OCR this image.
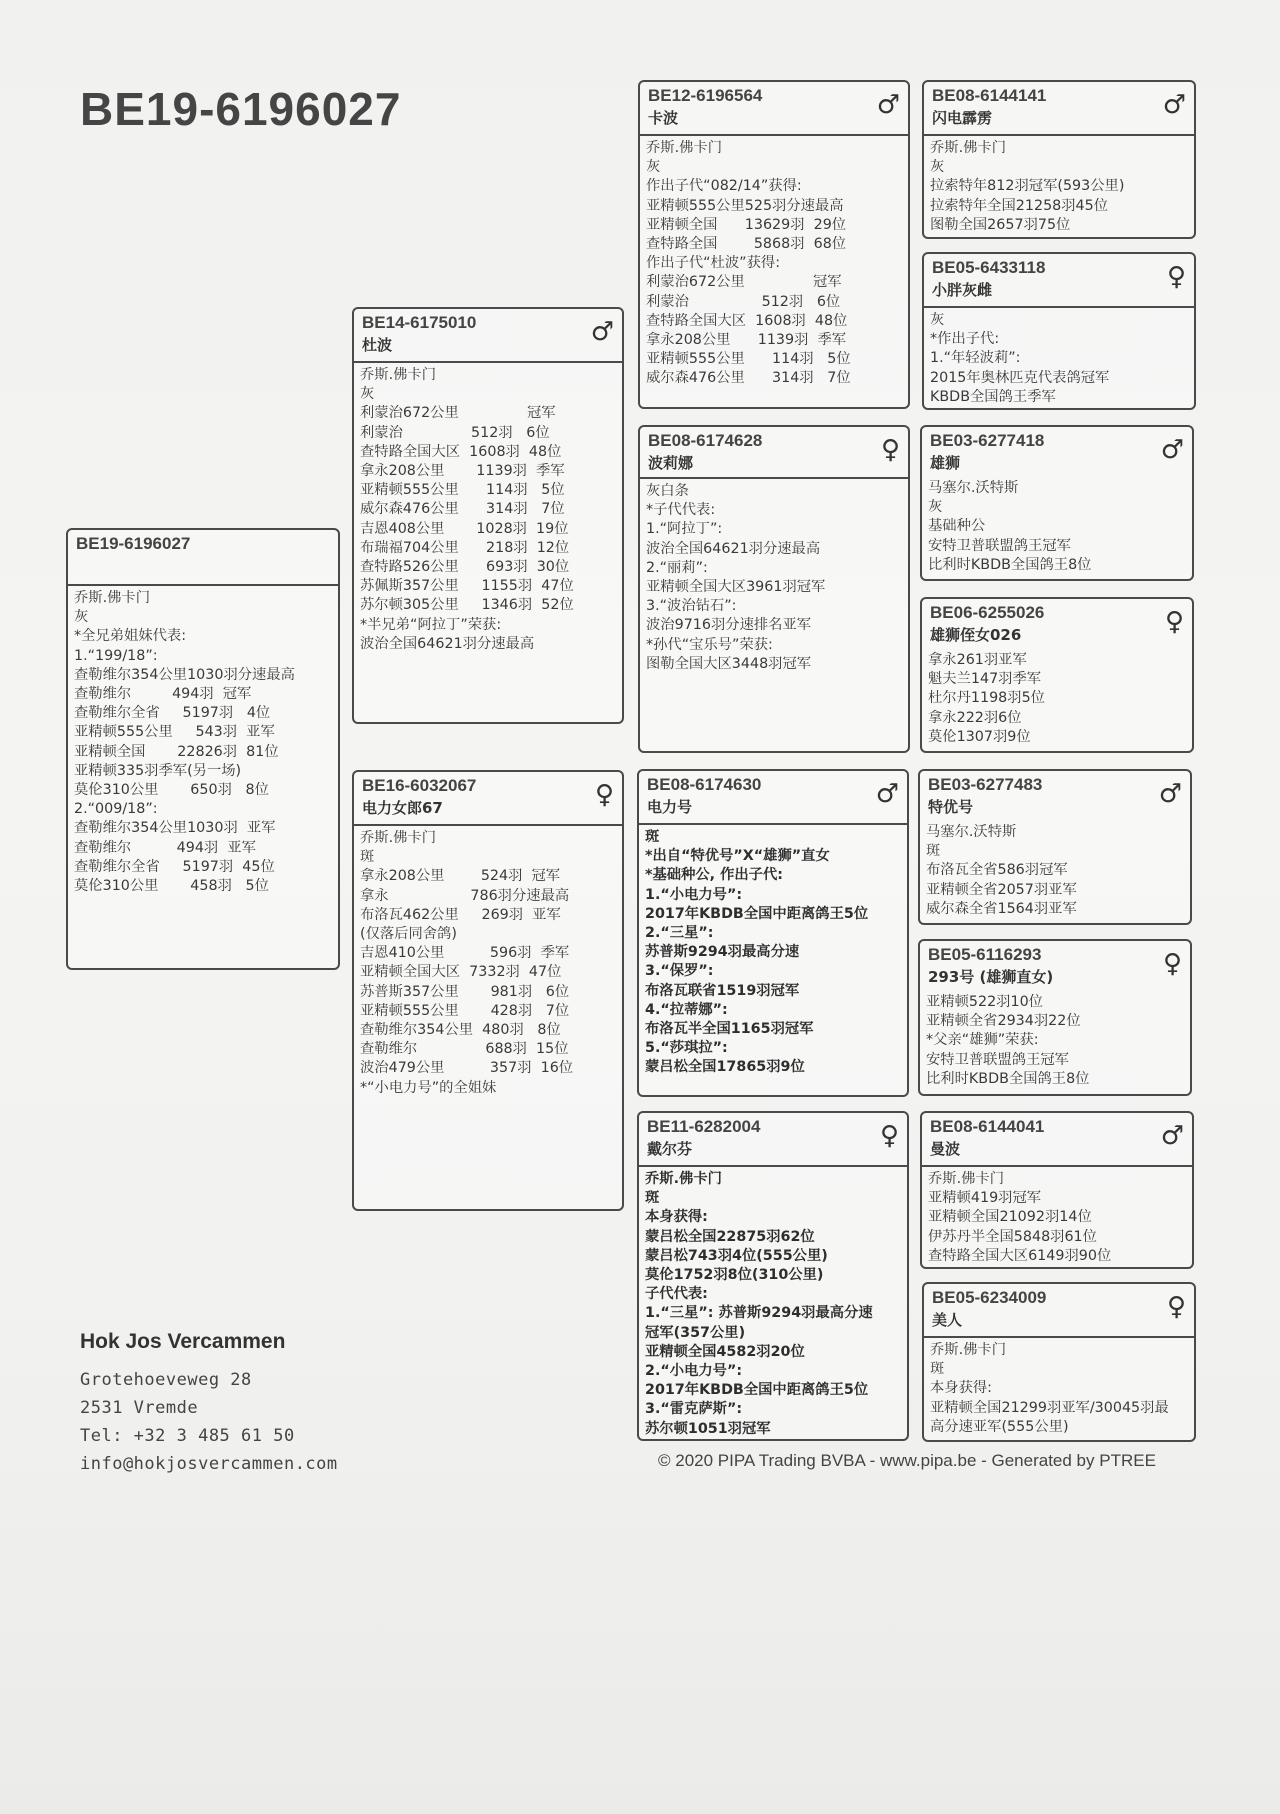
BE19-6196027
BE19-6196027
乔斯.佛卡门
灰
*全兄弟姐妹代表:
1.“199/18”:
查勒维尔354公里1030羽分速最高
查勒维尔         494羽  冠军
查勒维尔全省     5197羽   4位
亚精顿555公里     543羽  亚军
亚精顿全国       22826羽  81位
亚精顿335羽季军(另一场)
莫伦310公里       650羽   8位
2.“009/18”:
查勒维尔354公里1030羽  亚军
查勒维尔          494羽  亚军
查勒维尔全省     5197羽  45位
莫伦310公里       458羽   5位
BE14-6175010
杜波	♂
乔斯.佛卡门
灰
利蒙治672公里               冠军
利蒙治               512羽   6位
查特路全国大区  1608羽  48位
拿永208公里       1139羽  季军
亚精顿555公里      114羽   5位
威尔森476公里      314羽   7位
吉恩408公里       1028羽  19位
布瑞福704公里      218羽  12位
查特路526公里      693羽  30位
苏佩斯357公里     1155羽  47位
苏尔顿305公里     1346羽  52位
*半兄弟“阿拉丁”荣获:
波治全国64621羽分速最高
BE16-6032067
电力女郎67	♀
乔斯.佛卡门
斑
拿永208公里        524羽  冠军
拿永                  786羽分速最高
布洛瓦462公里     269羽  亚军
(仅落后同舍鸽)
吉恩410公里          596羽  季军
亚精顿全国大区  7332羽  47位
苏普斯357公里       981羽   6位
亚精顿555公里       428羽   7位
查勒维尔354公里  480羽   8位
查勒维尔               688羽  15位
波治479公里          357羽  16位
*“小电力号”的全姐妹
BE12-6196564
卡波	♂
乔斯.佛卡门
灰
作出子代“082/14”获得:
亚精顿555公里525羽分速最高
亚精顿全国      13629羽  29位
查特路全国        5868羽  68位
作出子代“杜波”获得:
利蒙治672公里               冠军
利蒙治                512羽   6位
查特路全国大区  1608羽  48位
拿永208公里      1139羽  季军
亚精顿555公里      114羽   5位
威尔森476公里      314羽   7位
BE08-6174628
波莉娜	♀
灰白条
*子代代表:
1.“阿拉丁”:
波治全国64621羽分速最高
2.“丽莉”:
亚精顿全国大区3961羽冠军
3.“波治钻石”:
波治9716羽分速排名亚军
*孙代“宝乐号”荣获:
图勒全国大区3448羽冠军
BE08-6174630
电力号	♂
斑
*出自“特优号”X“雄狮”直女
*基础种公, 作出子代:
1.“小电力号”:
2017年KBDB全国中距离鸽王5位
2.“三星”:
苏普斯9294羽最高分速
3.“保罗”:
布洛瓦联省1519羽冠军
4.“拉蒂娜”:
布洛瓦半全国1165羽冠军
5.“莎琪拉”:
蒙吕松全国17865羽9位
BE11-6282004
戴尔芬	♀
乔斯.佛卡门
斑
本身获得:
蒙吕松全国22875羽62位
蒙吕松743羽4位(555公里)
莫伦1752羽8位(310公里)
子代代表:
1.“三星”: 苏普斯9294羽最高分速
冠军(357公里)
亚精顿全国4582羽20位
2.“小电力号”:
2017年KBDB全国中距离鸽王5位
3.“雷克萨斯”:
苏尔顿1051羽冠军
BE08-6144141
闪电霹雳	♂
乔斯.佛卡门
灰
拉索特年812羽冠军(593公里)
拉索特年全国21258羽45位
图勒全国2657羽75位
BE05-6433118
小胖灰雌	♀
灰
*作出子代:
1.“年轻波莉”:
2015年奥林匹克代表鸽冠军
KBDB全国鸽王季军
BE03-6277418
雄狮	♂
马塞尔.沃特斯
灰
基础种公
安特卫普联盟鸽王冠军
比利时KBDB全国鸽王8位
BE06-6255026
雄狮侄女026	♀
拿永261羽亚军
魁夫兰147羽季军
杜尔丹1198羽5位
拿永222羽6位
莫伦1307羽9位
BE03-6277483
特优号	♂
马塞尔.沃特斯
斑
布洛瓦全省586羽冠军
亚精顿全省2057羽亚军
威尔森全省1564羽亚军
BE05-6116293
293号 (雄狮直女)	♀
亚精顿522羽10位
亚精顿全省2934羽22位
*父亲“雄狮”荣获:
安特卫普联盟鸽王冠军
比利时KBDB全国鸽王8位
BE08-6144041
曼波	♂
乔斯.佛卡门
亚精顿419羽冠军
亚精顿全国21092羽14位
伊苏丹半全国5848羽61位
查特路全国大区6149羽90位
BE05-6234009
美人	♀
乔斯.佛卡门
斑
本身获得:
亚精顿全国21299羽亚军/30045羽最
高分速亚军(555公里)
Hok Jos Vercammen
Grotehoeveweg 28
2531 Vremde
Tel: +32 3 485 61 50
info@hokjosvercammen.com	© 2020 PIPA Trading BVBA - www.pipa.be - Generated by PTREE
